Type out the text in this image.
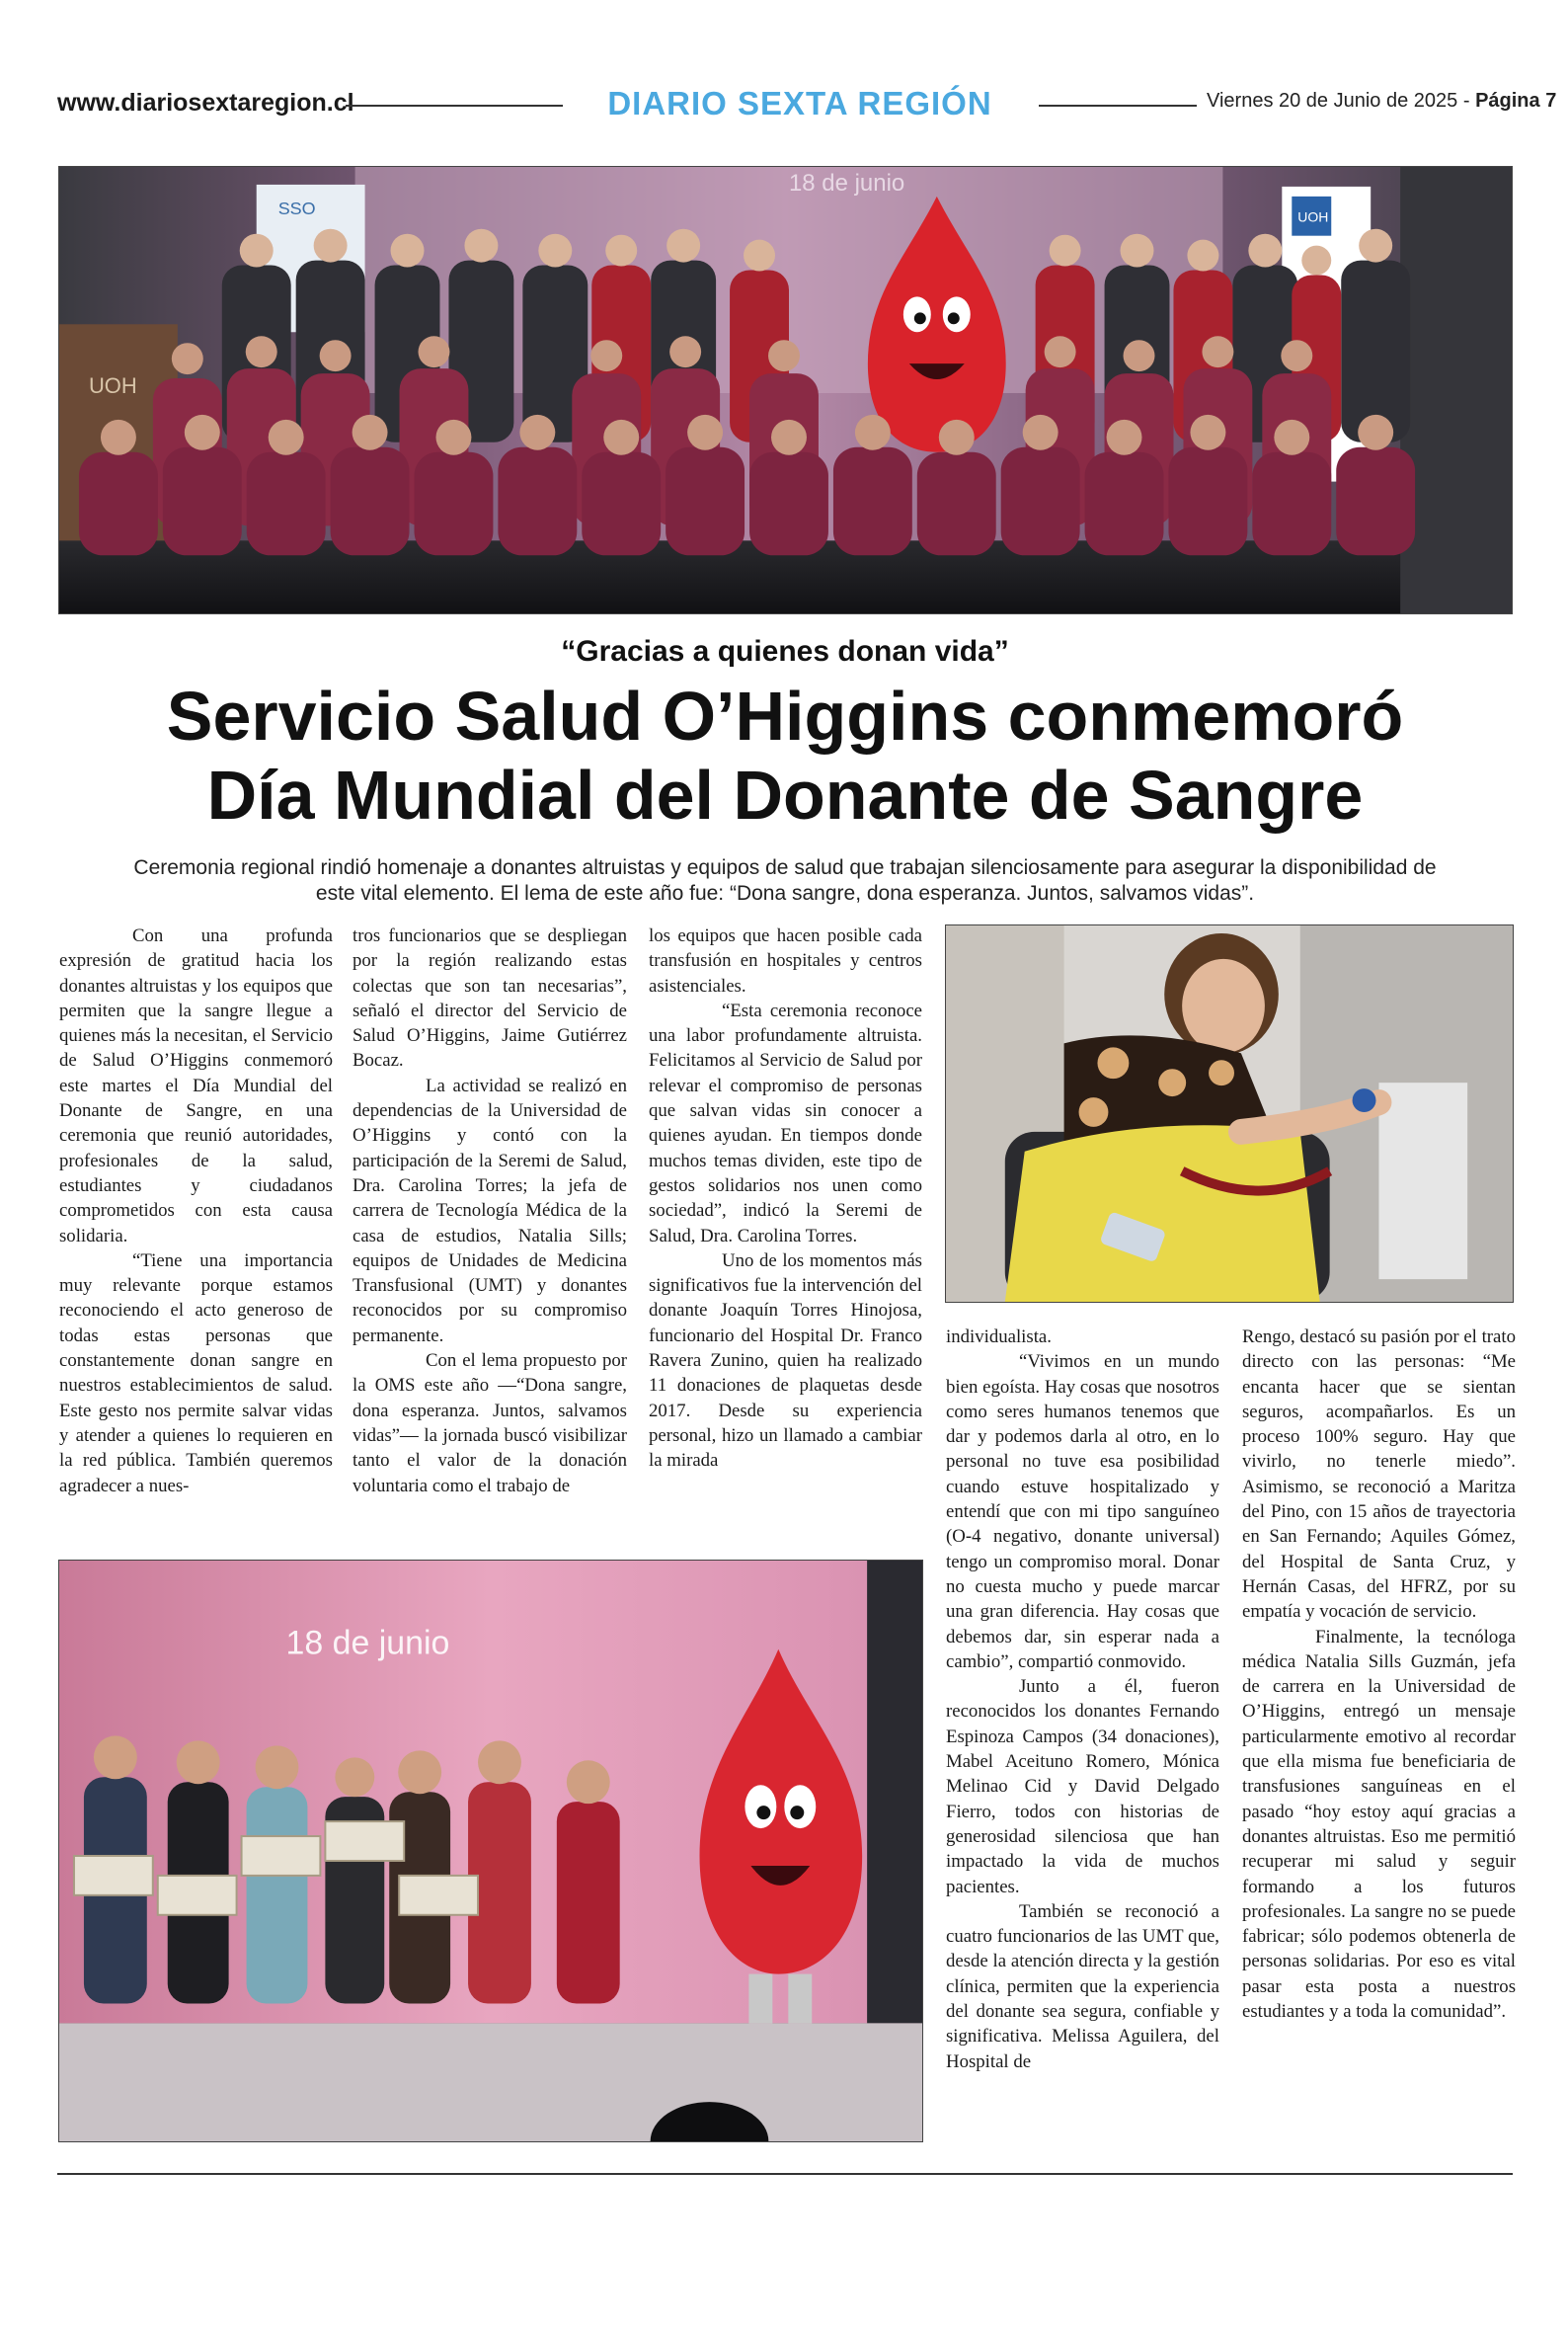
www.diariosextaregion.cl	DIARIO SEXTA REGIÓN	Viernes 20 de Junio de 2025 - Página 7
18 de junio
SSO
UOH
UOH
“Gracias a quienes donan vida”
Servicio Salud O’Higgins conmemoró
Día Mundial del Donante de Sangre
Ceremonia regional rindió homenaje a donantes altruistas y equipos de salud que trabajan silenciosamente para asegurar la disponibilidad de este vital elemento. El lema de este año fue: “Dona sangre, dona esperanza. Juntos, salvamos vidas”.

Con una profunda expresión de gratitud hacia los donantes altruistas y los equipos que permiten que la sangre llegue a quienes más la necesitan, el Servicio de Salud O’Higgins conmemoró este martes el Día Mundial del Donante de Sangre, en una ceremonia que reunió autoridades, profesionales de la salud, estudiantes y ciudadanos comprometidos con esta causa solidaria.

“Tiene una importancia muy relevante porque estamos reconociendo el acto generoso de todas estas personas que constantemente donan sangre en nuestros establecimientos de salud. Este gesto nos permite salvar vidas y atender a quienes lo requieren en la red pública. También queremos agradecer a nues-

tros funcionarios que se despliegan por la región realizando estas colectas que son tan necesarias”, señaló el director del Servicio de Salud O’Higgins, Jaime Gutiérrez Bocaz.

La actividad se realizó en dependencias de la Universidad de O’Higgins y contó con la participación de la Seremi de Salud, Dra. Carolina Torres; la jefa de carrera de Tecnología Médica de la casa de estudios, Natalia Sills; equipos de Unidades de Medicina Transfusional (UMT) y donantes reconocidos por su compromiso permanente.

Con el lema propuesto por la OMS este año —“Dona sangre, dona esperanza. Juntos, salvamos vidas”— la jornada buscó visibilizar tanto el valor de la donación voluntaria como el trabajo de

los equipos que hacen posible cada transfusión en hospitales y centros asistenciales.

“Esta ceremonia reconoce una labor profundamente altruista. Felicitamos al Servicio de Salud por relevar el compromiso de personas que salvan vidas sin conocer a quienes ayudan. En tiempos donde muchos temas dividen, este tipo de gestos solidarios nos unen como sociedad”, indicó la Seremi de Salud, Dra. Carolina Torres.

Uno de los momentos más significativos fue la intervención del donante Joaquín Torres Hinojosa, funcionario del Hospital Dr. Franco Ravera Zunino, quien ha realizado 11 donaciones de plaquetas desde 2017. Desde su experiencia personal, hizo un llamado a cambiar la mirada

18 de junio

individualista.

“Vivimos en un mundo bien egoísta. Hay cosas que nosotros como seres humanos tenemos que dar y podemos darla al otro, en lo personal no tuve esa posibilidad cuando estuve hospitalizado y entendí que con mi tipo sanguíneo (O-4 negativo, donante universal) tengo un compromiso moral. Donar no cuesta mucho y puede marcar una gran diferencia. Hay cosas que debemos dar, sin esperar nada a cambio”, compartió conmovido.

Junto a él, fueron reconocidos los donantes Fernando Espinoza Campos (34 donaciones), Mabel Aceituno Romero, Mónica Melinao Cid y David Delgado Fierro, todos con historias de generosidad silenciosa que han impactado la vida de muchos pacientes.

También se reconoció a cuatro funcionarios de las UMT que, desde la atención directa y la gestión clínica, permiten que la experiencia del donante sea segura, confiable y significativa. Melissa Aguilera, del Hospital de

Rengo, destacó su pasión por el trato directo con las personas: “Me encanta hacer que se sientan seguros, acompañarlos. Es un proceso 100% seguro. Hay que vivirlo, no tenerle miedo”. Asimismo, se reconoció a Maritza del Pino, con 15 años de trayectoria en San Fernando; Aquiles Gómez, del Hospital de Santa Cruz, y Hernán Casas, del HFRZ, por su empatía y vocación de servicio.

Finalmente, la tecnóloga médica Natalia Sills Guzmán, jefa de carrera en la Universidad de O’Higgins, entregó un mensaje particularmente emotivo al recordar que ella misma fue beneficiaria de transfusiones sanguíneas en el pasado “hoy estoy aquí gracias a donantes altruistas. Eso me permitió recuperar mi salud y seguir formando a los futuros profesionales. La sangre no se puede fabricar; sólo podemos obtenerla de personas solidarias. Por eso es vital pasar esta posta a nuestros estudiantes y a toda la comunidad”.
